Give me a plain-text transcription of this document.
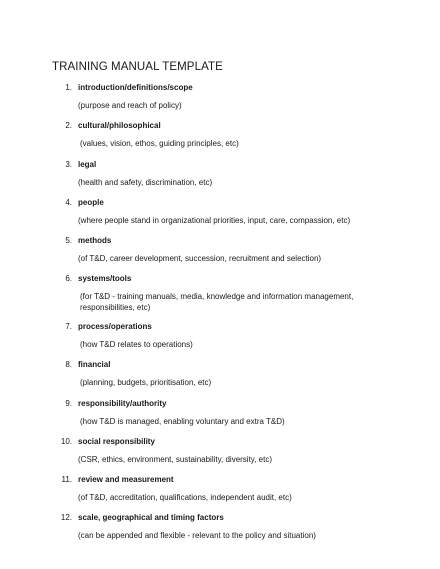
TRAINING MANUAL TEMPLATE
1. introduction/definitions/scope
(purpose and reach of policy)
2. cultural/philosophical
(values, vision, ethos, guiding principles, etc)
3. legal
(health and safety, discrimination, etc)
4. people
(where people stand in organizational priorities, input, care, compassion, etc)
5. methods
(of T&D, career development, succession, recruitment and selection)
6. systems/tools
(for T&D - training manuals, media, knowledge and information management, responsibilities, etc)
7. process/operations
(how T&D relates to operations)
8. financial
(planning, budgets, prioritisation, etc)
9. responsibility/authority
(how T&D is managed, enabling voluntary and extra T&D)
10. social responsibility
(CSR, ethics, environment, sustainability, diversity, etc)
11. review and measurement
(of T&D, accreditation, qualifications, independent audit, etc)
12. scale, geographical and timing factors
(can be appended and flexible - relevant to the policy and situation)
